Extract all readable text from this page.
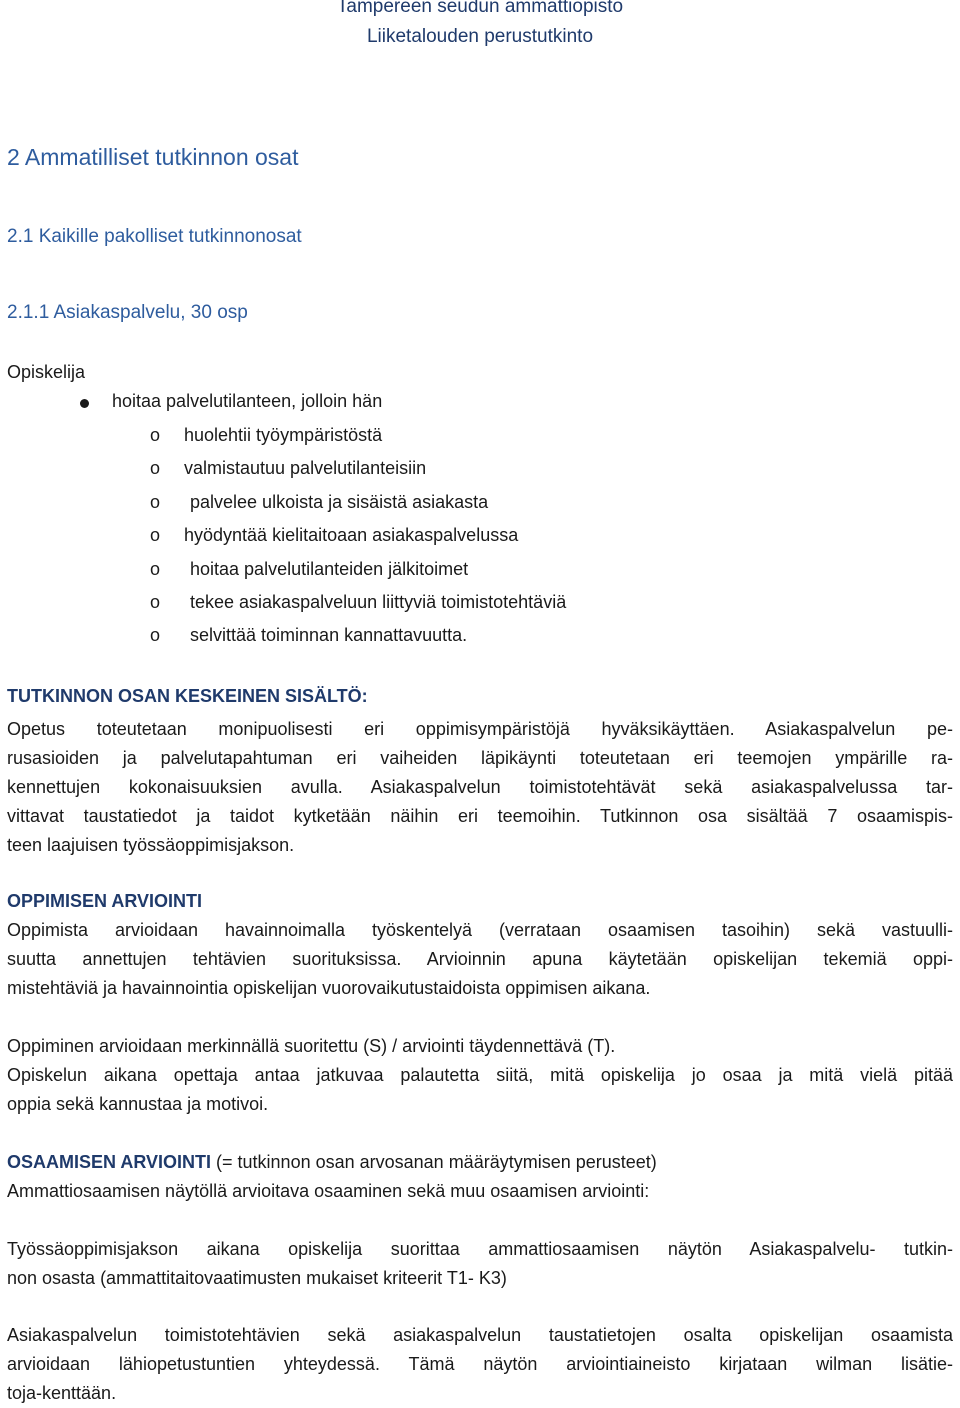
Tampereen seudun ammattiopisto
Liiketalouden perustutkinto
2 Ammatilliset tutkinnon osat
2.1 Kaikille pakolliset tutkinnonosat
2.1.1 Asiakaspalvelu, 30 osp
Opiskelija
hoitaa palvelutilanteen, jolloin hän
o huolehtii työympäristöstä
o valmistautuu palvelutilanteisiin
o palvelee ulkoista ja sisäistä asiakasta
o hyödyntää kielitaitoaan asiakaspalvelussa
o hoitaa palvelutilanteiden jälkitoimet
o tekee asiakaspalveluun liittyviä toimistotehtäviä
o selvittää toiminnan kannattavuutta.
TUTKINNON OSAN KESKEINEN SISÄLTÖ:
Opetus toteutetaan monipuolisesti eri oppimisympäristöjä hyväksikäyttäen. Asiakaspalvelun pe-
rusasioiden ja palvelutapahtuman eri vaiheiden läpikäynti toteutetaan eri teemojen ympärille ra-
kennettujen kokonaisuuksien avulla. Asiakaspalvelun toimistotehtävät sekä asiakaspalvelussa tar-
vittavat taustatiedot ja taidot kytketään näihin eri teemoihin. Tutkinnon osa sisältää 7 osaamispis-
teen laajuisen työssäoppimisjakson.
OPPIMISEN ARVIOINTI
Oppimista arvioidaan havainnoimalla työskentelyä (verrataan osaamisen tasoihin) sekä vastuulli-
suutta annettujen tehtävien suorituksissa. Arvioinnin apuna käytetään opiskelijan tekemiä oppi-
mistehtäviä ja havainnointia opiskelijan vuorovaikutustaidoista oppimisen aikana.
Oppiminen arvioidaan merkinnällä suoritettu (S) / arviointi täydennettävä (T).
Opiskelun aikana opettaja antaa jatkuvaa palautetta siitä, mitä opiskelija jo osaa ja mitä vielä pitää
oppia sekä kannustaa ja motivoi.
OSAAMISEN ARVIOINTI (= tutkinnon osan arvosanan määräytymisen perusteet)
Ammattiosaamisen näytöllä arvioitava osaaminen sekä muu osaamisen arviointi:
Työssäoppimisjakson aikana opiskelija suorittaa ammattiosaamisen näytön Asiakaspalvelu- tutkin-
non osasta (ammattitaitovaatimusten mukaiset kriteerit T1- K3)
Asiakaspalvelun toimistotehtävien sekä asiakaspalvelun taustatietojen osalta opiskelijan osaamista
arvioidaan lähiopetustuntien yhteydessä. Tämä näytön arviointiaineisto kirjataan wilman lisätie-
toja-kenttään.
